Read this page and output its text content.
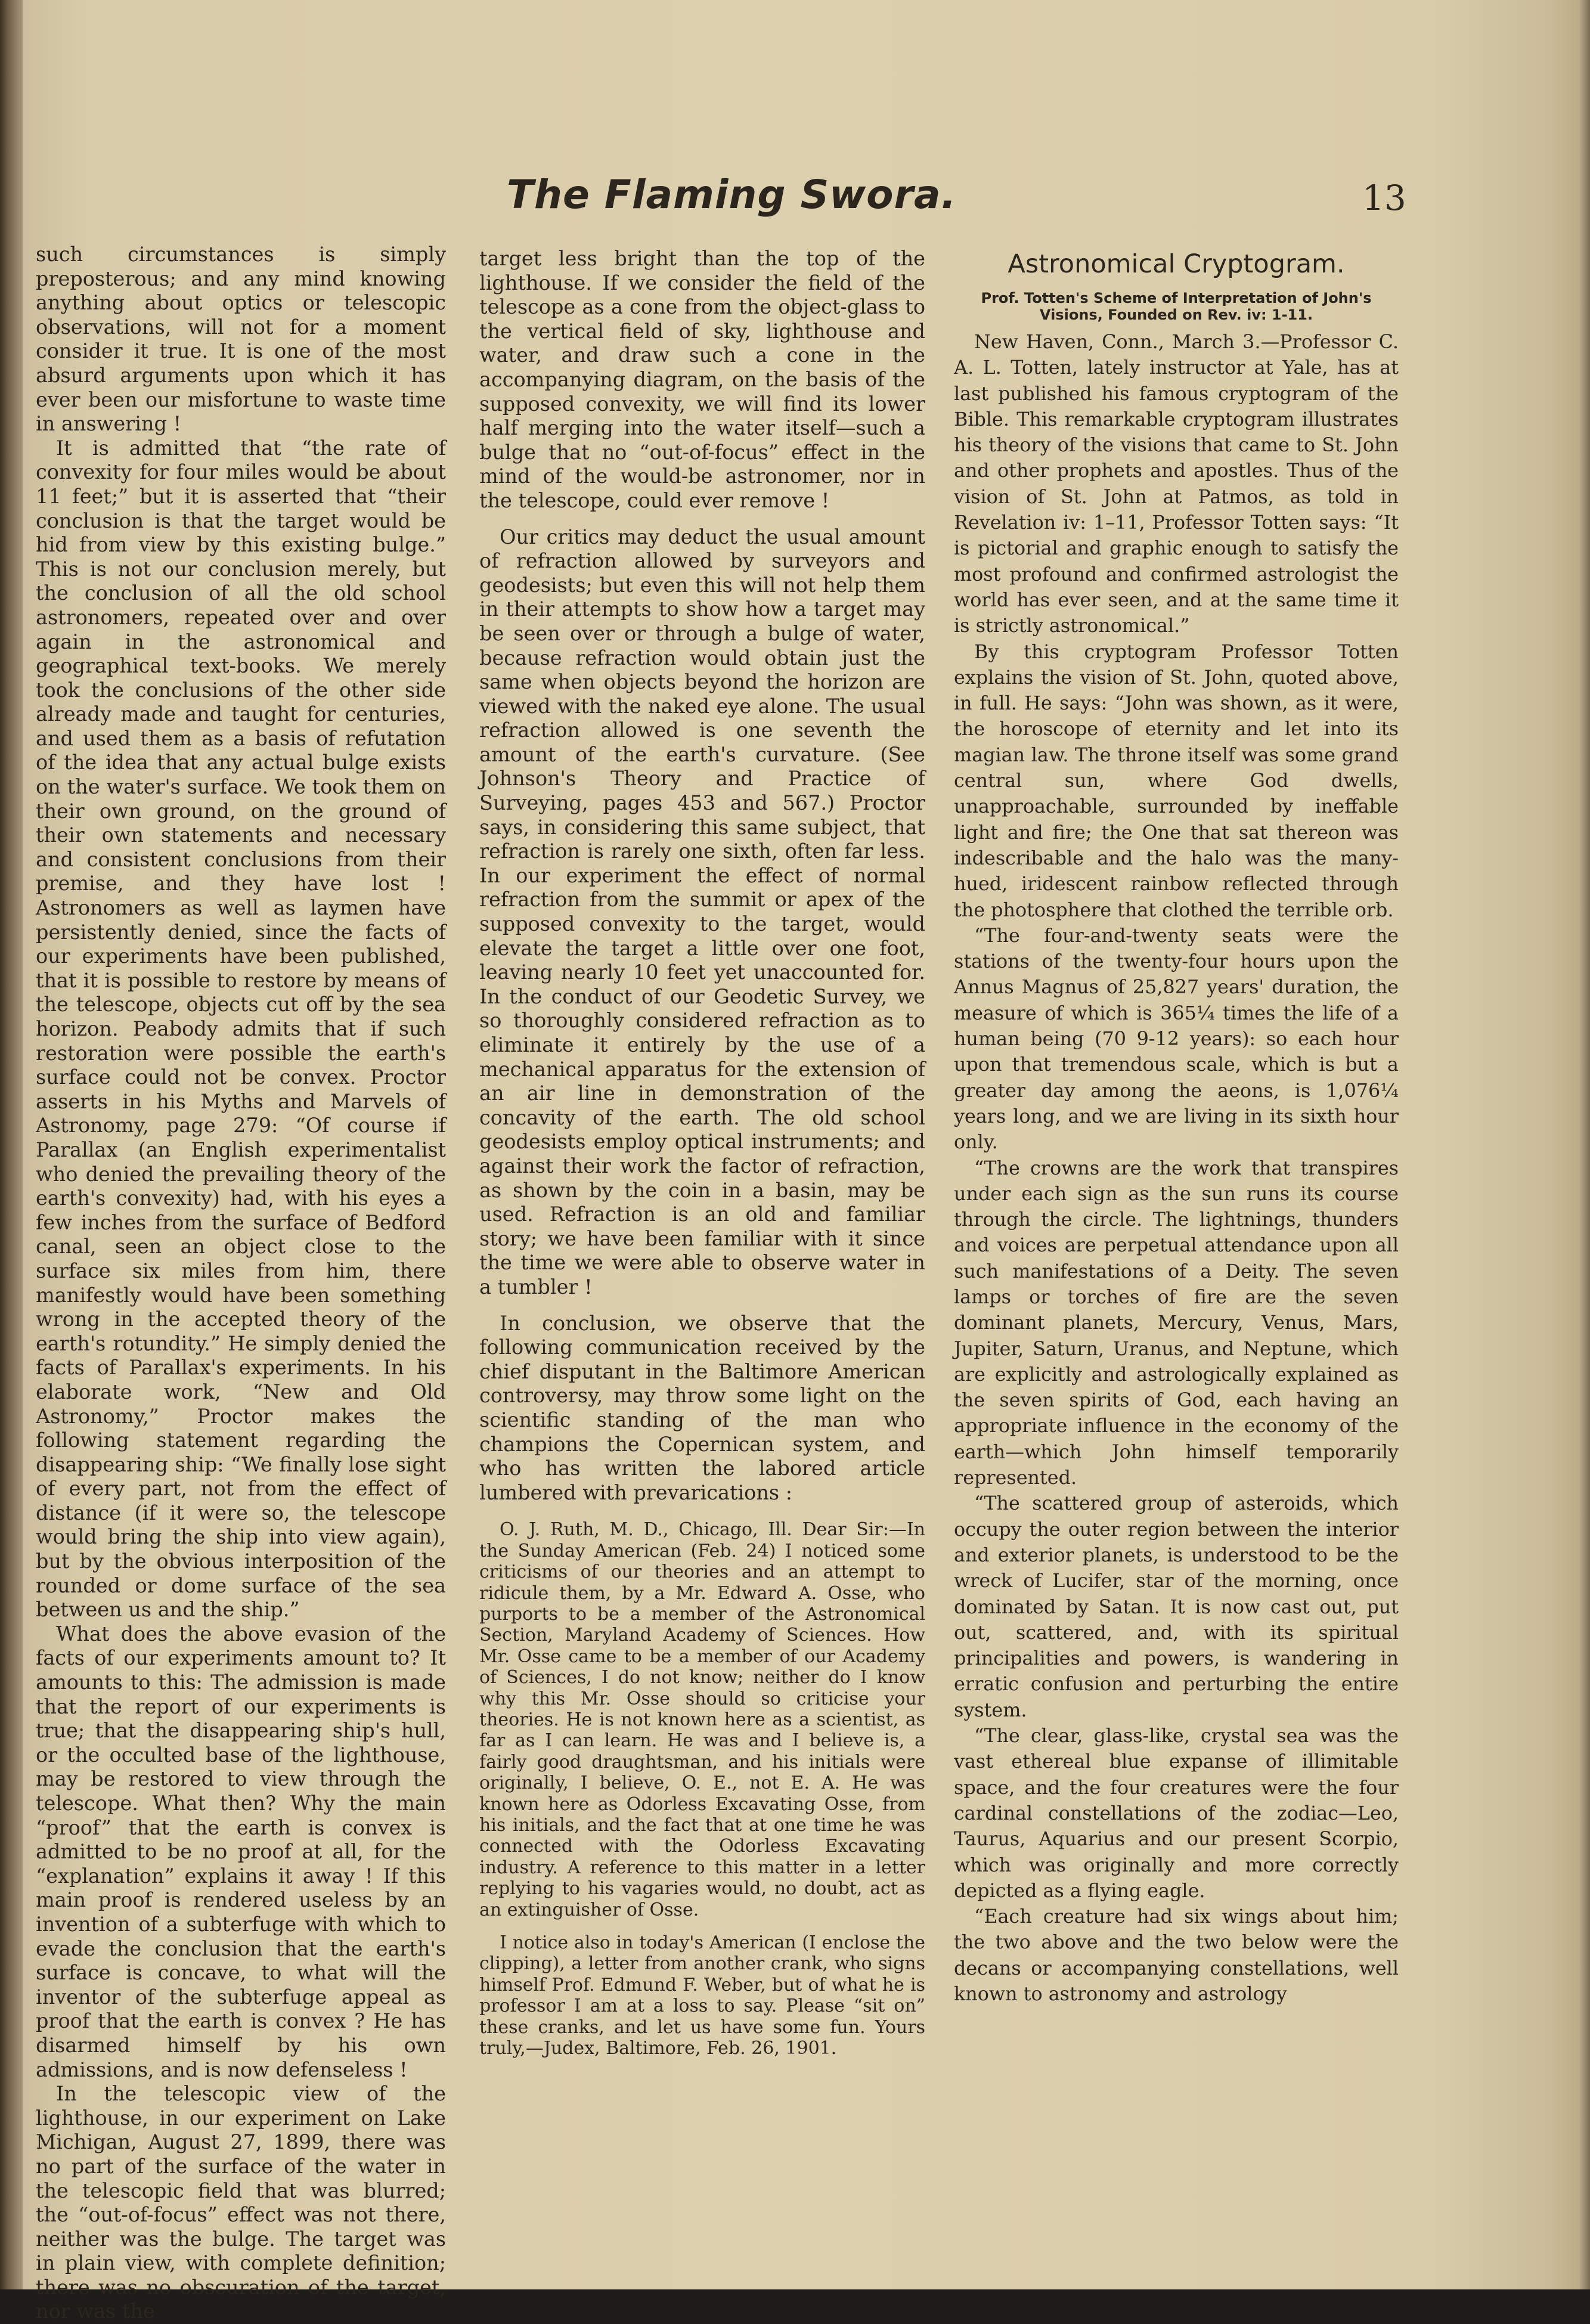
The Flaming Swora.	13

such circumstances is simply preposterous; and any mind knowing anything about optics or telescopic observations, will not for a moment consider it true. It is one of the most absurd arguments upon which it has ever been our misfortune to waste time in answering !

It is admitted that “the rate of convexity for four miles would be about 11 feet;” but it is asserted that “their conclusion is that the target would be hid from view by this existing bulge.” This is not our conclusion merely, but the conclusion of all the old school astronomers, repeated over and over again in the astronomical and geographical text-books. We merely took the conclusions of the other side already made and taught for centuries, and used them as a basis of refutation of the idea that any actual bulge exists on the water's surface. We took them on their own ground, on the ground of their own statements and necessary and consistent conclusions from their premise, and they have lost ! Astronomers as well as laymen have persistently denied, since the facts of our experiments have been published, that it is possible to restore by means of the telescope, objects cut off by the sea horizon. Peabody admits that if such restoration were possible the earth's surface could not be convex. Proctor asserts in his Myths and Marvels of Astronomy, page 279: “Of course if Parallax (an English experimentalist who denied the prevailing theory of the earth's convexity) had, with his eyes a few inches from the surface of Bedford canal, seen an object close to the surface six miles from him, there manifestly would have been something wrong in the accepted theory of the earth's rotundity.” He simply denied the facts of Parallax's experiments. In his elaborate work, “New and Old Astronomy,” Proctor makes the following statement regarding the disappearing ship: “We finally lose sight of every part, not from the effect of distance (if it were so, the telescope would bring the ship into view again), but by the obvious interposition of the rounded or dome surface of the sea between us and the ship.”

What does the above evasion of the facts of our experiments amount to? It amounts to this: The admission is made that the report of our experiments is true; that the disappearing ship's hull, or the occulted base of the lighthouse, may be restored to view through the telescope. What then? Why the main “proof” that the earth is convex is admitted to be no proof at all, for the “explanation” explains it away ! If this main proof is rendered useless by an invention of a subterfuge with which to evade the conclusion that the earth's surface is concave, to what will the inventor of the subterfuge appeal as proof that the earth is convex ? He has disarmed himself by his own admissions, and is now defenseless !

In the telescopic view of the lighthouse, in our experiment on Lake Michigan, August 27, 1899, there was no part of the surface of the water in the telescopic field that was blurred; the “out-of-focus” effect was not there, neither was the bulge. The target was in plain view, with complete definition; there was no obscuration of the target, nor was the

target less bright than the top of the lighthouse. If we consider the field of the telescope as a cone from the object-glass to the vertical field of sky, lighthouse and water, and draw such a cone in the accompanying diagram, on the basis of the supposed convexity, we will find its lower half merging into the water itself—such a bulge that no “out-of-focus” effect in the mind of the would-be astronomer, nor in the telescope, could ever remove !

Our critics may deduct the usual amount of refraction allowed by surveyors and geodesists; but even this will not help them in their attempts to show how a target may be seen over or through a bulge of water, because refraction would obtain just the same when objects beyond the horizon are viewed with the naked eye alone. The usual refraction allowed is one seventh the amount of the earth's curvature. (See Johnson's Theory and Practice of Surveying, pages 453 and 567.) Proctor says, in considering this same subject, that refraction is rarely one sixth, often far less. In our experiment the effect of normal refraction from the summit or apex of the supposed convexity to the target, would elevate the target a little over one foot, leaving nearly 10 feet yet unaccounted for. In the conduct of our Geodetic Survey, we so thoroughly considered refraction as to eliminate it entirely by the use of a mechanical apparatus for the extension of an air line in demonstration of the concavity of the earth. The old school geodesists employ optical instruments; and against their work the factor of refraction, as shown by the coin in a basin, may be used. Refraction is an old and familiar story; we have been familiar with it since the time we were able to observe water in a tumbler !

In conclusion, we observe that the following communication received by the chief disputant in the Baltimore American controversy, may throw some light on the scientific standing of the man who champions the Copernican system, and who has written the labored article lumbered with prevarications :

O. J. Ruth, M. D., Chicago, Ill. Dear Sir:—In the Sunday American (Feb. 24) I noticed some criticisms of our theories and an attempt to ridicule them, by a Mr. Edward A. Osse, who purports to be a member of the Astronomical Section, Maryland Academy of Sciences. How Mr. Osse came to be a member of our Academy of Sciences, I do not know; neither do I know why this Mr. Osse should so criticise your theories. He is not known here as a scientist, as far as I can learn. He was and I believe is, a fairly good draughtsman, and his initials were originally, I believe, O. E., not E. A. He was known here as Odorless Excavating Osse, from his initials, and the fact that at one time he was connected with the Odorless Excavating industry. A reference to this matter in a letter replying to his vagaries would, no doubt, act as an extinguisher of Osse.

I notice also in today's American (I enclose the clipping), a letter from another crank, who signs himself Prof. Edmund F. Weber, but of what he is professor I am at a loss to say. Please “sit on” these cranks, and let us have some fun. Yours truly,—Judex, Baltimore, Feb. 26, 1901.

Astronomical Cryptogram.
Prof. Totten's Scheme of Interpretation of John's Visions, Founded on Rev. iv: 1-11.

New Haven, Conn., March 3.—Professor C. A. L. Totten, lately instructor at Yale, has at last published his famous cryptogram of the Bible. This remarkable cryptogram illustrates his theory of the visions that came to St. John and other prophets and apostles. Thus of the vision of St. John at Patmos, as told in Revelation iv: 1–11, Professor Totten says: “It is pictorial and graphic enough to satisfy the most profound and confirmed astrologist the world has ever seen, and at the same time it is strictly astronomical.”

By this cryptogram Professor Totten explains the vision of St. John, quoted above, in full. He says: “John was shown, as it were, the horoscope of eternity and let into its magian law. The throne itself was some grand central sun, where God dwells, unapproachable, surrounded by ineffable light and fire; the One that sat thereon was indescribable and the halo was the many-hued, iridescent rainbow reflected through the photosphere that clothed the terrible orb.

“The four-and-twenty seats were the stations of the twenty-four hours upon the Annus Magnus of 25,827 years' duration, the measure of which is 365¼ times the life of a human being (70 9-12 years): so each hour upon that tremendous scale, which is but a greater day among the aeons, is 1,076¼ years long, and we are living in its sixth hour only.

“The crowns are the work that transpires under each sign as the sun runs its course through the circle. The lightnings, thunders and voices are perpetual attendance upon all such manifestations of a Deity. The seven lamps or torches of fire are the seven dominant planets, Mercury, Venus, Mars, Jupiter, Saturn, Uranus, and Neptune, which are explicitly and astrologically explained as the seven spirits of God, each having an appropriate influence in the economy of the earth—which John himself temporarily represented.

“The scattered group of asteroids, which occupy the outer region between the interior and exterior planets, is understood to be the wreck of Lucifer, star of the morning, once dominated by Satan. It is now cast out, put out, scattered, and, with its spiritual principalities and powers, is wandering in erratic confusion and perturbing the entire system.

“The clear, glass-like, crystal sea was the vast ethereal blue expanse of illimitable space, and the four creatures were the four cardinal constellations of the zodiac—Leo, Taurus, Aquarius and our present Scorpio, which was originally and more correctly depicted as a flying eagle.

“Each creature had six wings about him; the two above and the two below were the decans or accompanying constellations, well known to astronomy and astrology
